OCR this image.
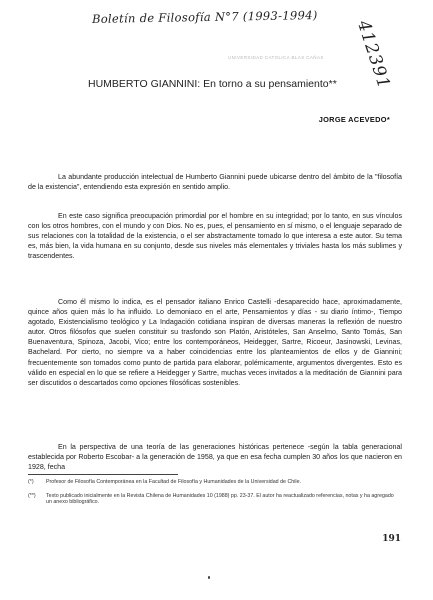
Boletín de Filosofía N°7 (1993-1994)
412391
UNIVERSIDAD CATOLICA BLAS CAÑAS
HUMBERTO GIANNINI: En torno a su pensamiento**
JORGE ACEVEDO*

La abundante producción intelectual de Humberto Giannini puede ubicarse dentro del ámbito de la "filosofía de la existencia", entendiendo esta expresión en sentido amplio.

En este caso significa preocupación primordial por el hombre en su integridad; por lo tanto, en sus vínculos con los otros hombres, con el mundo y con Dios. No es, pues, el pensamiento en sí mismo, o el lenguaje separado de sus relaciones con la totalidad de la existencia, o el ser abstractamente tomado lo que interesa a este autor. Su tema es, más bien, la vida humana en su conjunto, desde sus niveles más elementales y triviales hasta los más sublimes y trascendentes.

Como él mismo lo indica, es el pensador italiano Enrico Castelli -desaparecido hace, aproximadamente, quince años quien más lo ha influido. Lo demoniaco en el arte, Pensamientos y días - su diario íntimo-, Tiempo agotado, Existencialismo teológico y La Indagación cotidiana inspiran de diversas maneras la reflexión de nuestro autor. Otros filósofos que suelen constituir su trasfondo son Platón, Aristóteles, San Anselmo, Santo Tomás, San Buenaventura, Spinoza, Jacobi, Vico; entre los contemporáneos, Heidegger, Sartre, Ricoeur, Jasinowski, Levinas, Bachelard. Por cierto, no siempre va a haber coincidencias entre los planteamientos de ellos y de Giannini; frecuentemente son tomados como punto de partida para elaborar, polémicamente, argumentos divergentes. Esto es válido en especial en lo que se refiere a Heidegger y Sartre, muchas veces invitados a la meditación de Giannini para ser discutidos o descartados como opciones filosóficas sostenibles.

En la perspectiva de una teoría de las generaciones históricas pertenece -según la tabla generacional establecida por Roberto Escobar- a la generación de 1958, ya que en esa fecha cumplen 30 años los que nacieron en 1928, fecha

(*) Profesor de Filosofía Contemporánea en la Facultad de Filosofía y Humanidades de la Universidad de Chile.
(**) Texto publicado inicialmente en la Revista Chilena de Humanidades 10 (1988) pp. 23-37. El autor ha reactualizado referencias, notas y ha agregado un anexo bibliográfico.
191
